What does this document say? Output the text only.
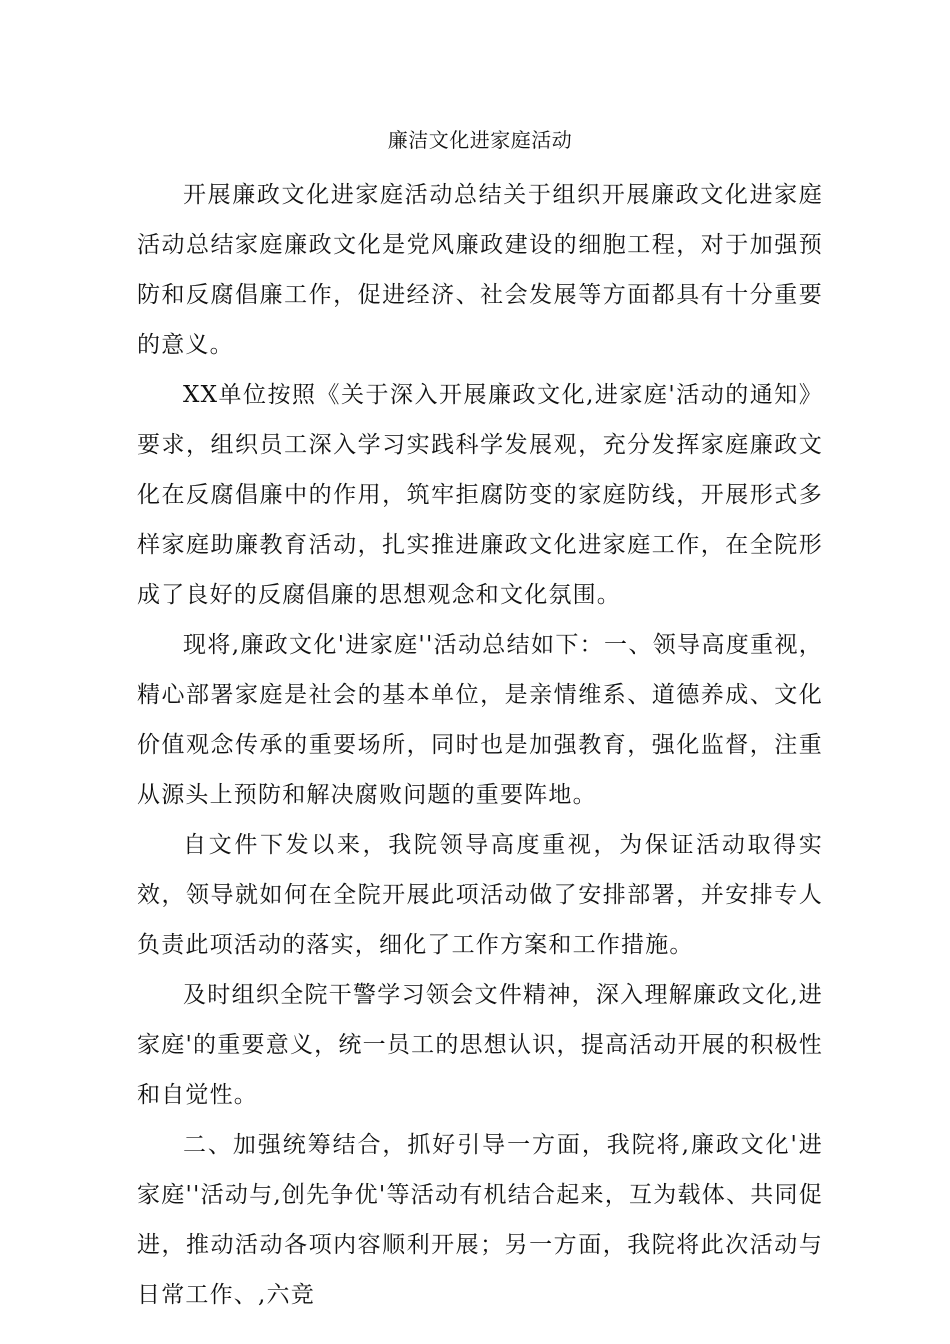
廉洁文化进家庭活动

开展廉政文化进家庭活动总结关于组织开展廉政文化进家庭活动总结家庭廉政文化是党风廉政建设的细胞工程，对于加强预防和反腐倡廉工作，促进经济、社会发展等方面都具有十分重要的意义。

XX单位按照《关于深入开展廉政文化,进家庭'活动的通知》要求，组织员工深入学习实践科学发展观，充分发挥家庭廉政文化在反腐倡廉中的作用，筑牢拒腐防变的家庭防线，开展形式多样家庭助廉教育活动，扎实推进廉政文化进家庭工作，在全院形成了良好的反腐倡廉的思想观念和文化氛围。

现将,廉政文化'进家庭''活动总结如下：一、领导高度重视，精心部署家庭是社会的基本单位，是亲情维系、道德养成、文化价值观念传承的重要场所，同时也是加强教育，强化监督，注重从源头上预防和解决腐败问题的重要阵地。

自文件下发以来，我院领导高度重视，为保证活动取得实效，领导就如何在全院开展此项活动做了安排部署，并安排专人负责此项活动的落实，细化了工作方案和工作措施。

及时组织全院干警学习领会文件精神，深入理解廉政文化,进家庭'的重要意义，统一员工的思想认识，提高活动开展的积极性和自觉性。

二、加强统筹结合，抓好引导一方面，我院将,廉政文化'进家庭''活动与,创先争优'等活动有机结合起来，互为载体、共同促进，推动活动各项内容顺利开展；另一方面，我院将此次活动与日常工作、,六竞
